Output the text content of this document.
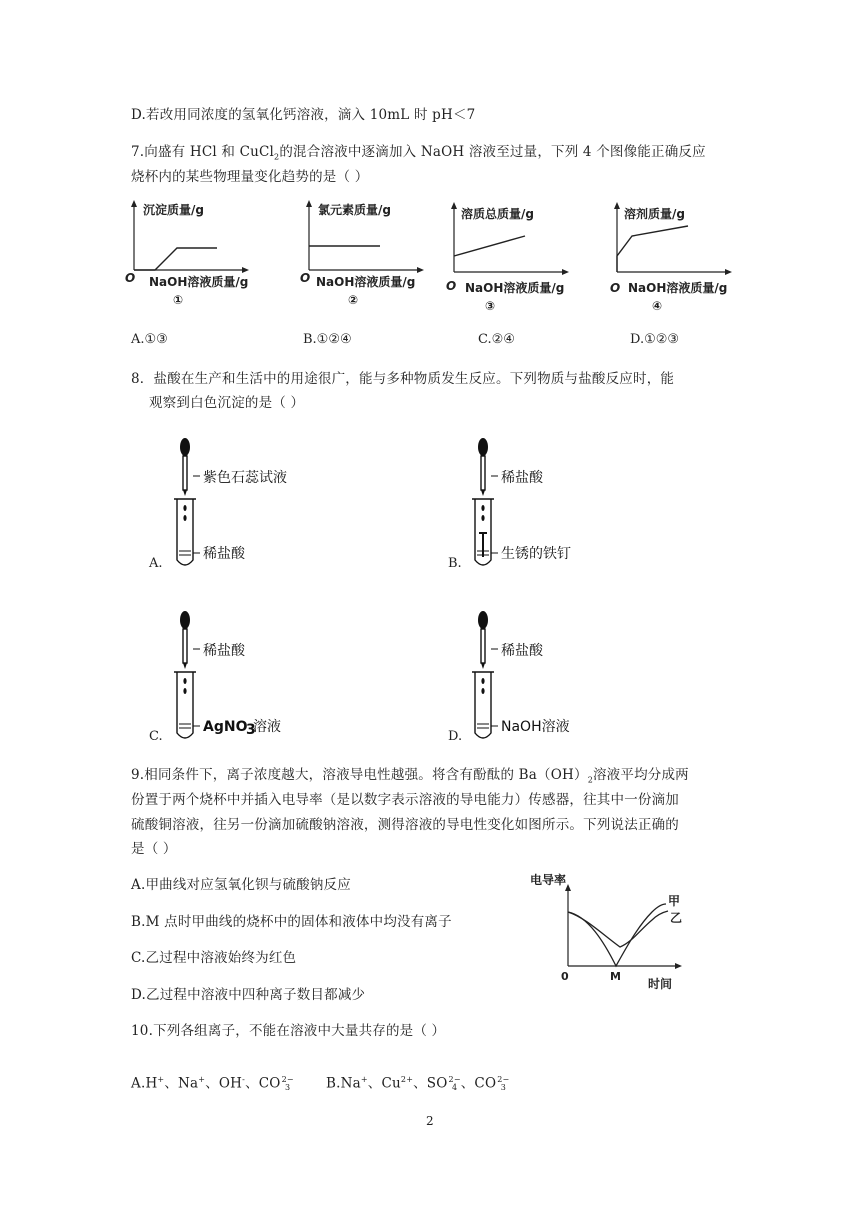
D.若改用同浓度的氢氧化钙溶液，滴入 10mL 时 pH＜7
7.向盛有 HCl 和 CuCl$_2$的混合溶液中逐滴加入 NaOH 溶液至过量，下列 4 个图像能正确反应
烧杯内的某些物理量变化趋势的是（ ）
沉淀质量/g
O NaOH溶液质量/g
①
氯元素质量/g
O NaOH溶液质量/g
②
溶质总质量/g
O NaOH溶液质量/g
③
溶剂质量/g
O NaOH溶液质量/g
④
A.①③	B.①②④	C.②④	D.①②③
8．盐酸在生产和生活中的用途很广，能与多种物质发生反应。下列物质与盐酸反应时，能
观察到白色沉淀的是（ ）
A.
紫色石蕊试液
稀盐酸
B.
稀盐酸
生锈的铁钉
C.
稀盐酸
AgNO
3
溶液
D.
稀盐酸
NaOH溶液
9.相同条件下，离子浓度越大，溶液导电性越强。将含有酚酞的 $Ba(OH)_2$溶液平均分成两
份置于两个烧杯中并插入电导率（是以数字表示溶液的导电能力）传感器，往其中一份滴加
硫酸铜溶液，往另一份滴加硫酸钠溶液，测得溶液的导电性变化如图所示。下列说法正确的
是（ ）
A.甲曲线对应氢氧化钡与硫酸钠反应
B.M 点时甲曲线的烧杯中的固体和液体中均没有离子
C.乙过程中溶液始终为红色
D.乙过程中溶液中四种离子数目都减少
电导率
0	M
时间
甲
乙
10.下列各组离子，不能在溶液中大量共存的是（ ）
A.H+、Na+、OH-、CO2−
3	B.Na+、$Cu^{2+}$、SO2−
4 、CO2−
3
2
